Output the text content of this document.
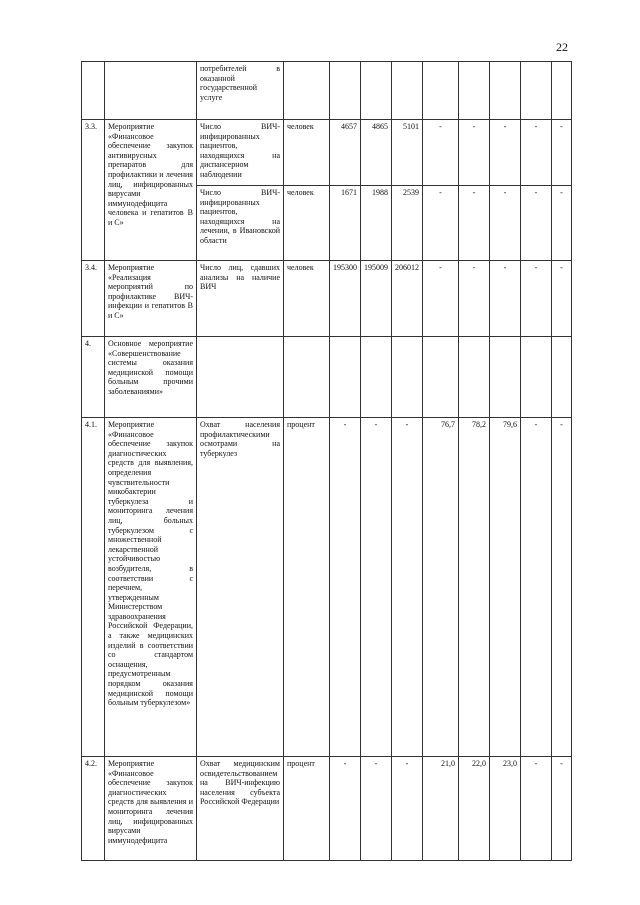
22
		потребителей в оказанной государственной услуге									
3.3.	Мероприятие «Финансовое обеспечение закупок антивирусных препаратов для профилактики и лечения лиц, инфицированных вирусами иммунодефицита человека и гепатитов В и С»	Число ВИЧ-инфицированных пациентов, находящихся на диспансерном наблюдении	человек	4657	4865	5101	-	-	-	-	-
		Число ВИЧ-инфицированных пациентов, находящихся на лечении, в Ивановской области	человек	1671	1988	2539	-	-	-	-	-
3.4.	Мероприятие «Реализация мероприятий по профилактике ВИЧ-инфекции и гепатитов В и С»	Число лиц, сдавших анализы на наличие ВИЧ	человек	195300	195009	206012	-	-	-	-	-
4.	Основное мероприятие «Совершенствование системы оказания медицинской помощи больным прочими заболеваниями»										
4.1.	Мероприятие «Финансовое обеспечение закупок диагностических средств для выявления, определения чувствительности микобактерии туберкулеза и мониторинга лечения лиц, больных туберкулезом с множественной лекарственной устойчивостью возбудителя, в соответствии с перечнем, утвержденным Министерством здравоохранения Российской Федерации, а также медицинских изделий в соответствии со стандартом оснащения, предусмотренным порядком оказания медицинской помощи больным туберкулезом»	Охват населения профилактическими осмотрами на туберкулез	процент	-	-	-	76,7	78,2	79,6	-	-
4.2.	Мероприятие «Финансовое обеспечение закупок диагностических средств для выявления и мониторинга лечения лиц, инфицированных вирусами иммунодефицита	Охват медицинским освидетельствованием на ВИЧ-инфекцию населения субъекта Российской Федерации	процент	-	-	-	21,0	22,0	23,0	-	-
